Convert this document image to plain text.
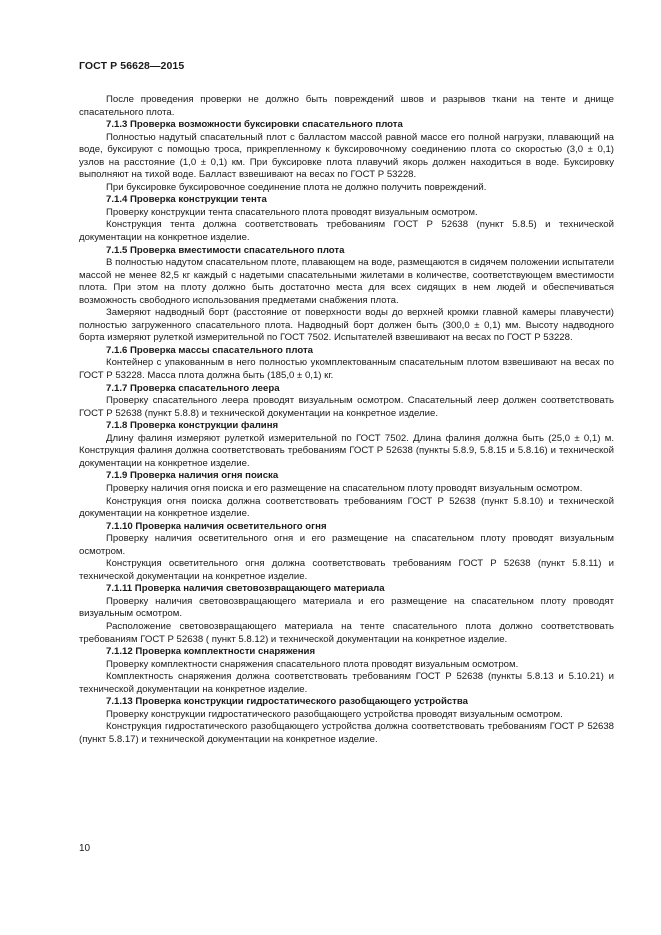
ГОСТ Р 56628—2015

После проведения проверки не должно быть повреждений швов и разрывов ткани на тенте и днище спасательного плота.

7.1.3 Проверка возможности буксировки спасательного плота

Полностью надутый спасательный плот с балластом массой равной массе его полной нагрузки, плавающий на воде, буксируют с помощью троса, прикрепленному к буксировочному соединению плота со скоростью (3,0 ± 0,1) узлов на расстояние (1,0 ± 0,1) км. При буксировке плота плавучий якорь должен находиться в воде. Буксировку выполняют на тихой воде. Балласт взвешивают на весах по ГОСТ Р 53228.

При буксировке буксировочное соединение плота не должно получить повреждений.

7.1.4 Проверка конструкции тента

Проверку конструкции тента спасательного плота проводят визуальным осмотром.

Конструкция тента должна соответствовать требованиям ГОСТ Р 52638 (пункт 5.8.5) и технической документации на конкретное изделие.

7.1.5 Проверка вместимости спасательного плота

В полностью надутом спасательном плоте, плавающем на воде, размещаются в сидячем положении испытатели массой не менее 82,5 кг каждый с надетыми спасательными жилетами в количестве, соответствующем вместимости плота. При этом на плоту должно быть достаточно места для всех сидящих в нем людей и обеспечиваться возможность свободного использования предметами снабжения плота.

Замеряют надводный борт (расстояние от поверхности воды до верхней кромки главной камеры плавучести) полностью загруженного спасательного плота. Надводный борт должен быть (300,0 ± 0,1) мм. Высоту надводного борта измеряют рулеткой измерительной по ГОСТ 7502. Испытателей взвешивают на весах по ГОСТ Р 53228.

7.1.6 Проверка массы спасательного плота

Контейнер с упакованным в него полностью укомплектованным спасательным плотом взвешивают на весах по ГОСТ Р 53228. Масса плота должна быть (185,0 ± 0,1) кг.

7.1.7 Проверка спасательного леера

Проверку спасательного леера проводят визуальным осмотром. Спасательный леер должен соответствовать ГОСТ Р 52638 (пункт 5.8.8) и технической документации на конкретное изделие.

7.1.8 Проверка конструкции фалиня

Длину фалиня измеряют рулеткой измерительной по ГОСТ 7502. Длина фалиня должна быть (25,0 ± 0,1) м. Конструкция фалиня должна соответствовать требованиям ГОСТ Р 52638 (пункты 5.8.9, 5.8.15 и 5.8.16) и технической документации на конкретное изделие.

7.1.9 Проверка наличия огня поиска

Проверку наличия огня поиска и его размещение на спасательном плоту проводят визуальным осмотром.

Конструкция огня поиска должна соответствовать требованиям ГОСТ Р 52638 (пункт 5.8.10) и технической документации на конкретное изделие.

7.1.10 Проверка наличия осветительного огня

Проверку наличия осветительного огня и его размещение на спасательном плоту проводят визуальным осмотром.

Конструкция осветительного огня должна соответствовать требованиям ГОСТ Р 52638 (пункт 5.8.11) и технической документации на конкретное изделие.

7.1.11 Проверка наличия световозвращающего материала

Проверку наличия световозвращающего материала и его размещение на спасательном плоту проводят визуальным осмотром.

Расположение световозвращающего материала на тенте спасательного плота должно соответствовать требованиям ГОСТ Р 52638 ( пункт 5.8.12) и технической документации на конкретное изделие.

7.1.12 Проверка комплектности снаряжения

Проверку комплектности снаряжения спасательного плота проводят визуальным осмотром.

Комплектность снаряжения должна соответствовать требованиям ГОСТ Р 52638 (пункты 5.8.13 и 5.10.21) и технической документации на конкретное изделие.

7.1.13 Проверка конструкции гидростатического разобщающего устройства

Проверку конструкции гидростатического разобщающего устройства проводят визуальным осмотром.

Конструкция гидростатического разобщающего устройства должна соответствовать требованиям ГОСТ Р 52638 (пункт 5.8.17) и технической документации на конкретное изделие.

10
